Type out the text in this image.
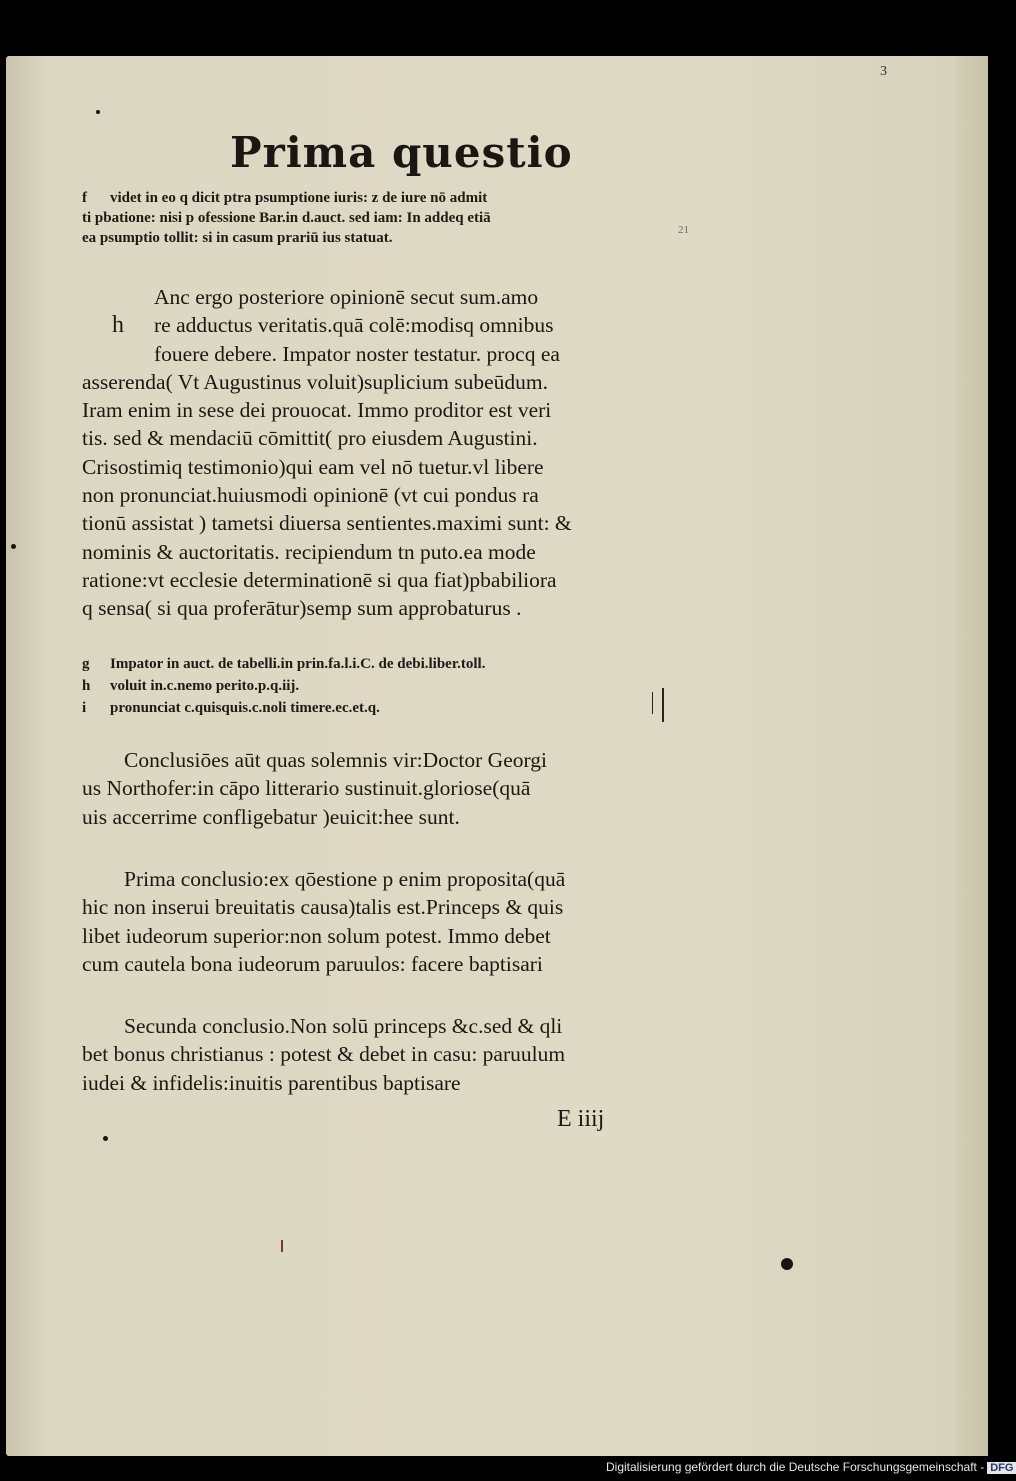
3
21
Prima questio
f videt in eo q dicit ptra psumptione iuris: z de iure nō admit
ti pbatione: nisi p ofessione Bar.in d.auct. sed iam: In addeq etiā
ea psumptio tollit: si in casum prariū ius statuat.
h
Anc ergo posteriore opinionē secut sum.amo
re adductus veritatis.quā colē:modisq omnibus
fouere debere. Impator noster testatur. procq ea
asserenda( Vt Augustinus voluit)suplicium subeūdum.
Iram enim in sese dei prouocat. Immo proditor est veri
tis. sed & mendaciū cōmittit( pro eiusdem Augustini.
Crisostimiq testimonio)qui eam vel nō tuetur.vl libere
non pronunciat.huiusmodi opinionē (vt cui pondus ra
tionū assistat ) tametsi diuersa sentientes.maximi sunt: &
nominis & auctoritatis. recipiendum tn puto.ea mode
ratione:vt ecclesie determinationē si qua fiat)pbabiliora
q sensa( si qua proferātur)semp sum approbaturus .
g Impator in auct. de tabelli.in prin.fa.l.i.C. de debi.liber.toll.
h voluit in.c.nemo perito.p.q.iij.
i pronunciat c.quisquis.c.noli timere.ec.et.q.
Conclusiōes aūt quas solemnis vir:Doctor Georgi
us Northofer:in cāpo litterario sustinuit.gloriose(quā
uis accerrime confligebatur )euicit:hee sunt.
Prima conclusio:ex qōestione p enim proposita(quā
hic non inserui breuitatis causa)talis est.Princeps & quis
libet iudeorum superior:non solum potest. Immo debet
cum cautela bona iudeorum paruulos: facere baptisari
Secunda conclusio.Non solū princeps &c.sed & qli
bet bonus christianus : potest & debet in casu: paruulum
iudei & infidelis:inuitis parentibus baptisare
E iiij
Digitalisierung gefördert durch die Deutsche Forschungsgemeinschaft - DFG
